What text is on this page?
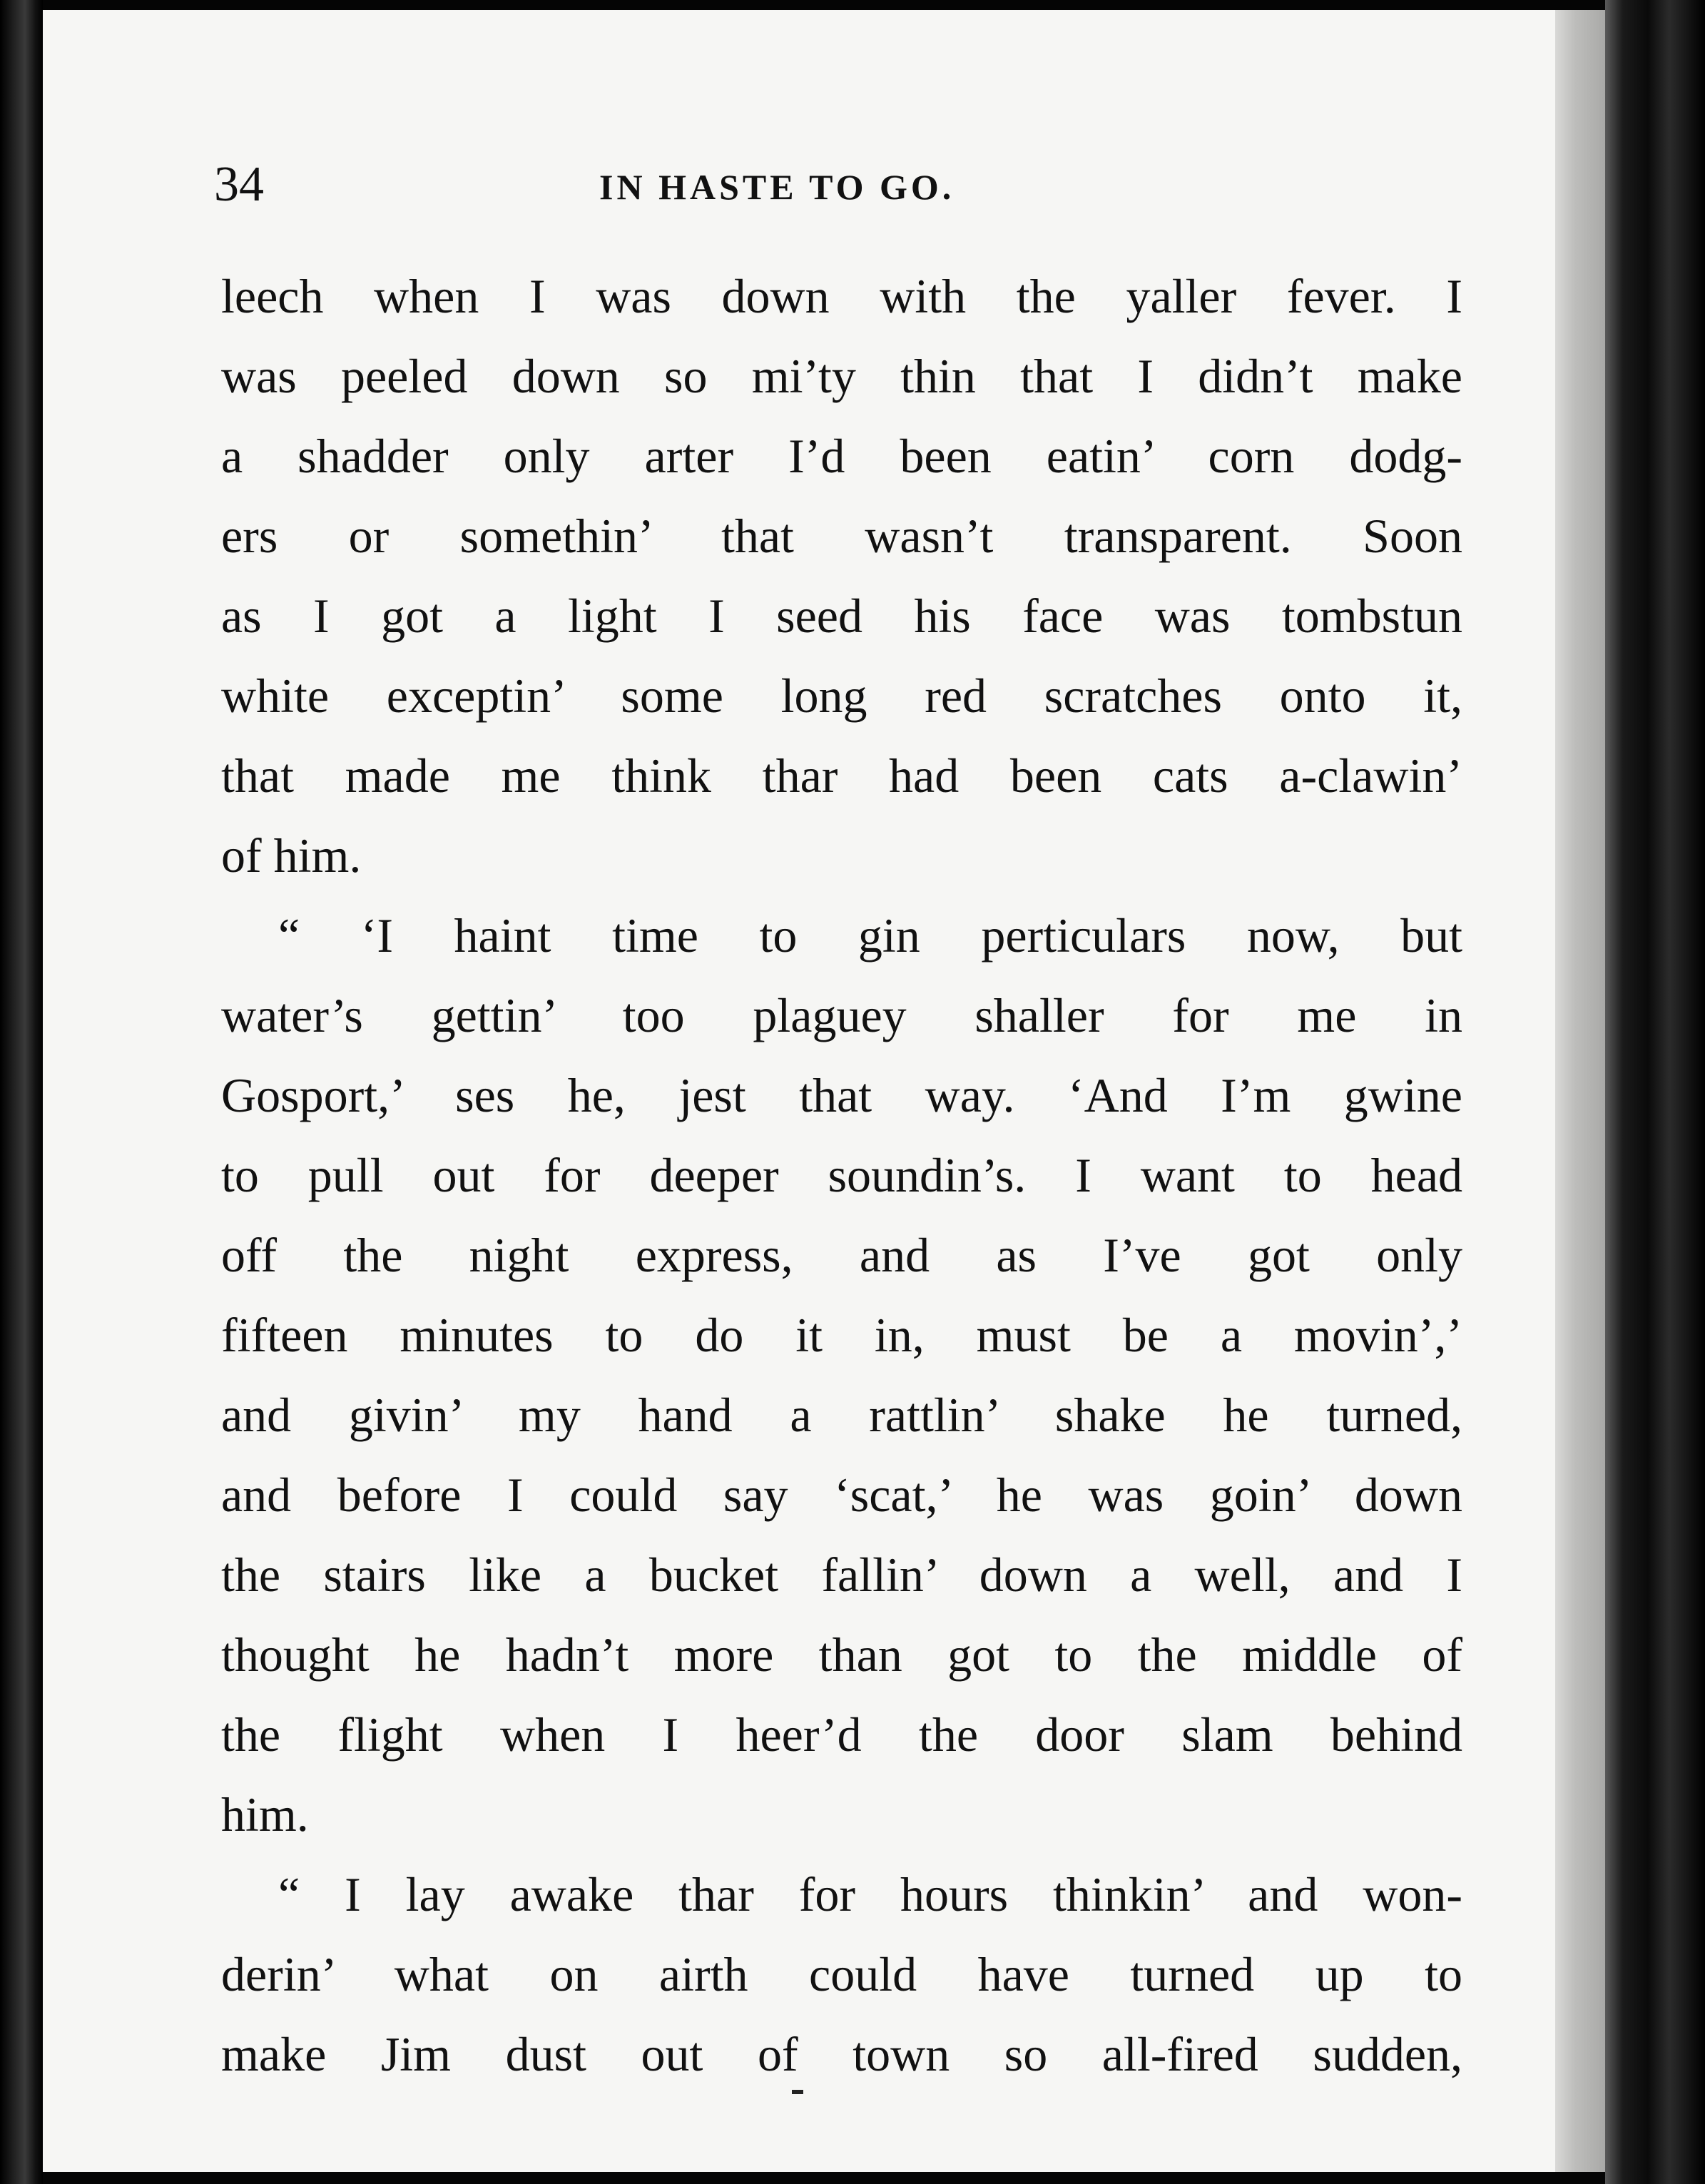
34	IN HASTE TO GO.
leech when I was down with the yaller fever. I
was peeled down so mi’ty thin that I didn’t make
a shadder only arter I’d been eatin’ corn dodg-
ers or somethin’ that wasn’t transparent. Soon
as I got a light I seed his face was tombstun
white exceptin’ some long red scratches onto it,
that made me think thar had been cats a-clawin’
of him.
“ ‘I haint time to gin perticulars now, but
water’s gettin’ too plaguey shaller for me in
Gosport,’ ses he, jest that way. ‘And I’m gwine
to pull out for deeper soundin’s. I want to head
off the night express, and as I’ve got only
fifteen minutes to do it in, must be a movin’,’
and givin’ my hand a rattlin’ shake he turned,
and before I could say ‘scat,’ he was goin’ down
the stairs like a bucket fallin’ down a well, and I
thought he hadn’t more than got to the middle of
the flight when I heer’d the door slam behind
him.
“ I lay awake thar for hours thinkin’ and won-
derin’ what on airth could have turned up to
make Jim dust out of town so all-fired sudden,
